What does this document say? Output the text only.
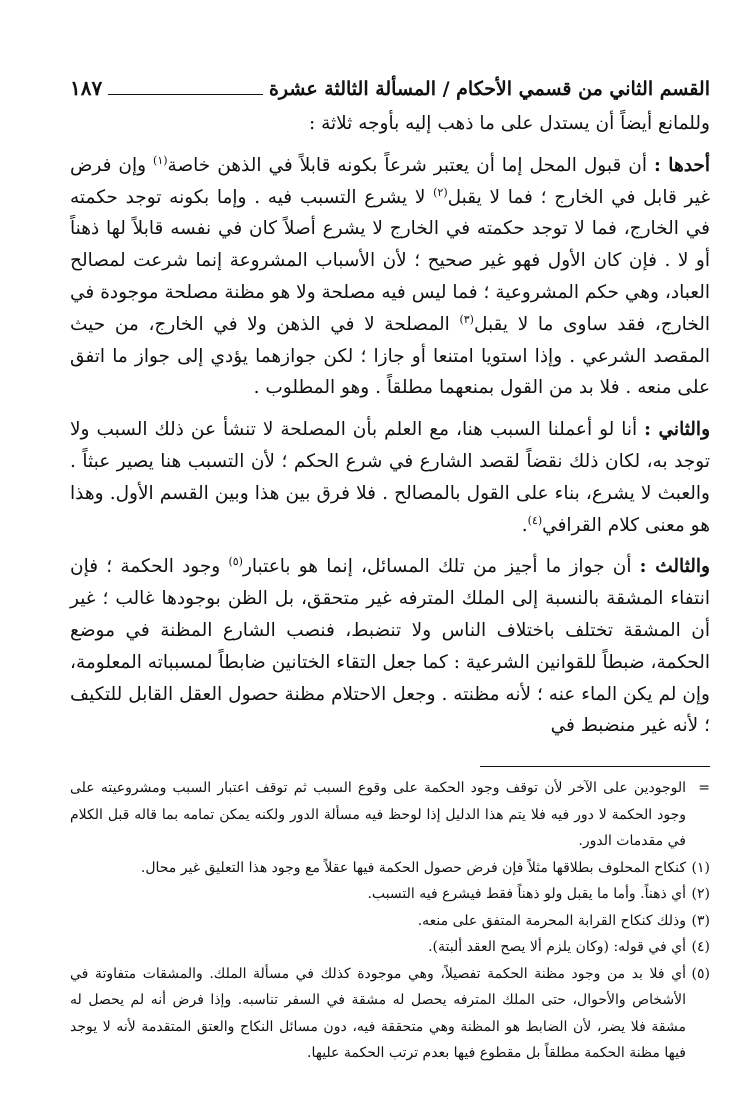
القسم الثاني من قسمي الأحكام / المسألة الثالثة عشرة
١٨٧

وللمانع أيضاً أن يستدل على ما ذهب إليه بأوجه ثلاثة :

أحدها : أن قبول المحل إما أن يعتبر شرعاً بكونه قابلاً في الذهن خاصة$^{(١)}$ وإن فرض غير قابل في الخارج ؛ فما لا يقبل$^{(٢)}$ لا يشرع التسبب فيه . وإما بكونه توجد حكمته في الخارج، فما لا توجد حكمته في الخارج لا يشرع أصلاً كان في نفسه قابلاً لها ذهناً أو لا . فإن كان الأول فهو غير صحيح ؛ لأن الأسباب المشروعة إنما شرعت لمصالح العباد، وهي حكم المشروعية ؛ فما ليس فيه مصلحة ولا هو مظنة مصلحة موجودة في الخارج، فقد ساوى ما لا يقبل$^{(٣)}$ المصلحة لا في الذهن ولا في الخارج، من حيث المقصد الشرعي . وإذا استويا امتنعا أو جازا ؛ لكن جوازهما يؤدي إلى جواز ما اتفق على منعه . فلا بد من القول بمنعهما مطلقاً . وهو المطلوب .

والثاني : أنا لو أعملنا السبب هنا، مع العلم بأن المصلحة لا تنشأ عن ذلك السبب ولا توجد به، لكان ذلك نقضاً لقصد الشارع في شرع الحكم ؛ لأن التسبب هنا يصير عبثاً . والعبث لا يشرع، بناء على القول بالمصالح . فلا فرق بين هذا وبين القسم الأول. وهذا هو معنى كلام القرافي$^{(٤)}$.

والثالث : أن جواز ما أجيز من تلك المسائل، إنما هو باعتبار$^{(٥)}$ وجود الحكمة ؛ فإن انتفاء المشقة بالنسبة إلى الملك المترفه غير متحقق، بل الظن بوجودها غالب ؛ غير أن المشقة تختلف باختلاف الناس ولا تنضبط، فنصب الشارع المظنة في موضع الحكمة، ضبطاً للقوانين الشرعية : كما جعل التقاء الختانين ضابطاً لمسبباته المعلومة، وإن لم يكن الماء عنه ؛ لأنه مظنته . وجعل الاحتلام مظنة حصول العقل القابل للتكيف ؛ لأنه غير منضبط في

=
الوجودين على الآخر لأن توقف وجود الحكمة على وقوع السبب ثم توقف اعتبار السبب ومشروعيته على وجود الحكمة لا دور فيه فلا يتم هذا الدليل إذا لوحظ فيه مسألة الدور ولكنه يمكن تمامه بما قاله قبل الكلام في مقدمات الدور.
(١)
كنكاح المحلوف بطلاقها مثلاً فإن فرض حصول الحكمة فيها عقلاً مع وجود هذا التعليق غير محال.
(٢)
أي ذهناً. وأما ما يقبل ولو ذهناً فقط فيشرع فيه التسبب.
(٣)
وذلك كنكاح القرابة المحرمة المتفق على منعه.
(٤)
أي في قوله: (وكان يلزم ألا يصح العقد ألبتة).
(٥)
أي فلا بد من وجود مظنة الحكمة تفصيلاً، وهي موجودة كذلك في مسألة الملك. والمشقات متفاوتة في الأشخاص والأحوال، حتى الملك المترفه يحصل له مشقة في السفر تناسبه. وإذا فرض أنه لم يحصل له مشقة فلا يضر، لأن الضابط هو المظنة وهي متحققة فيه، دون مسائل النكاح والعتق المتقدمة لأنه لا يوجد فيها مظنة الحكمة مطلقاً بل مقطوع فيها بعدم ترتب الحكمة عليها.
